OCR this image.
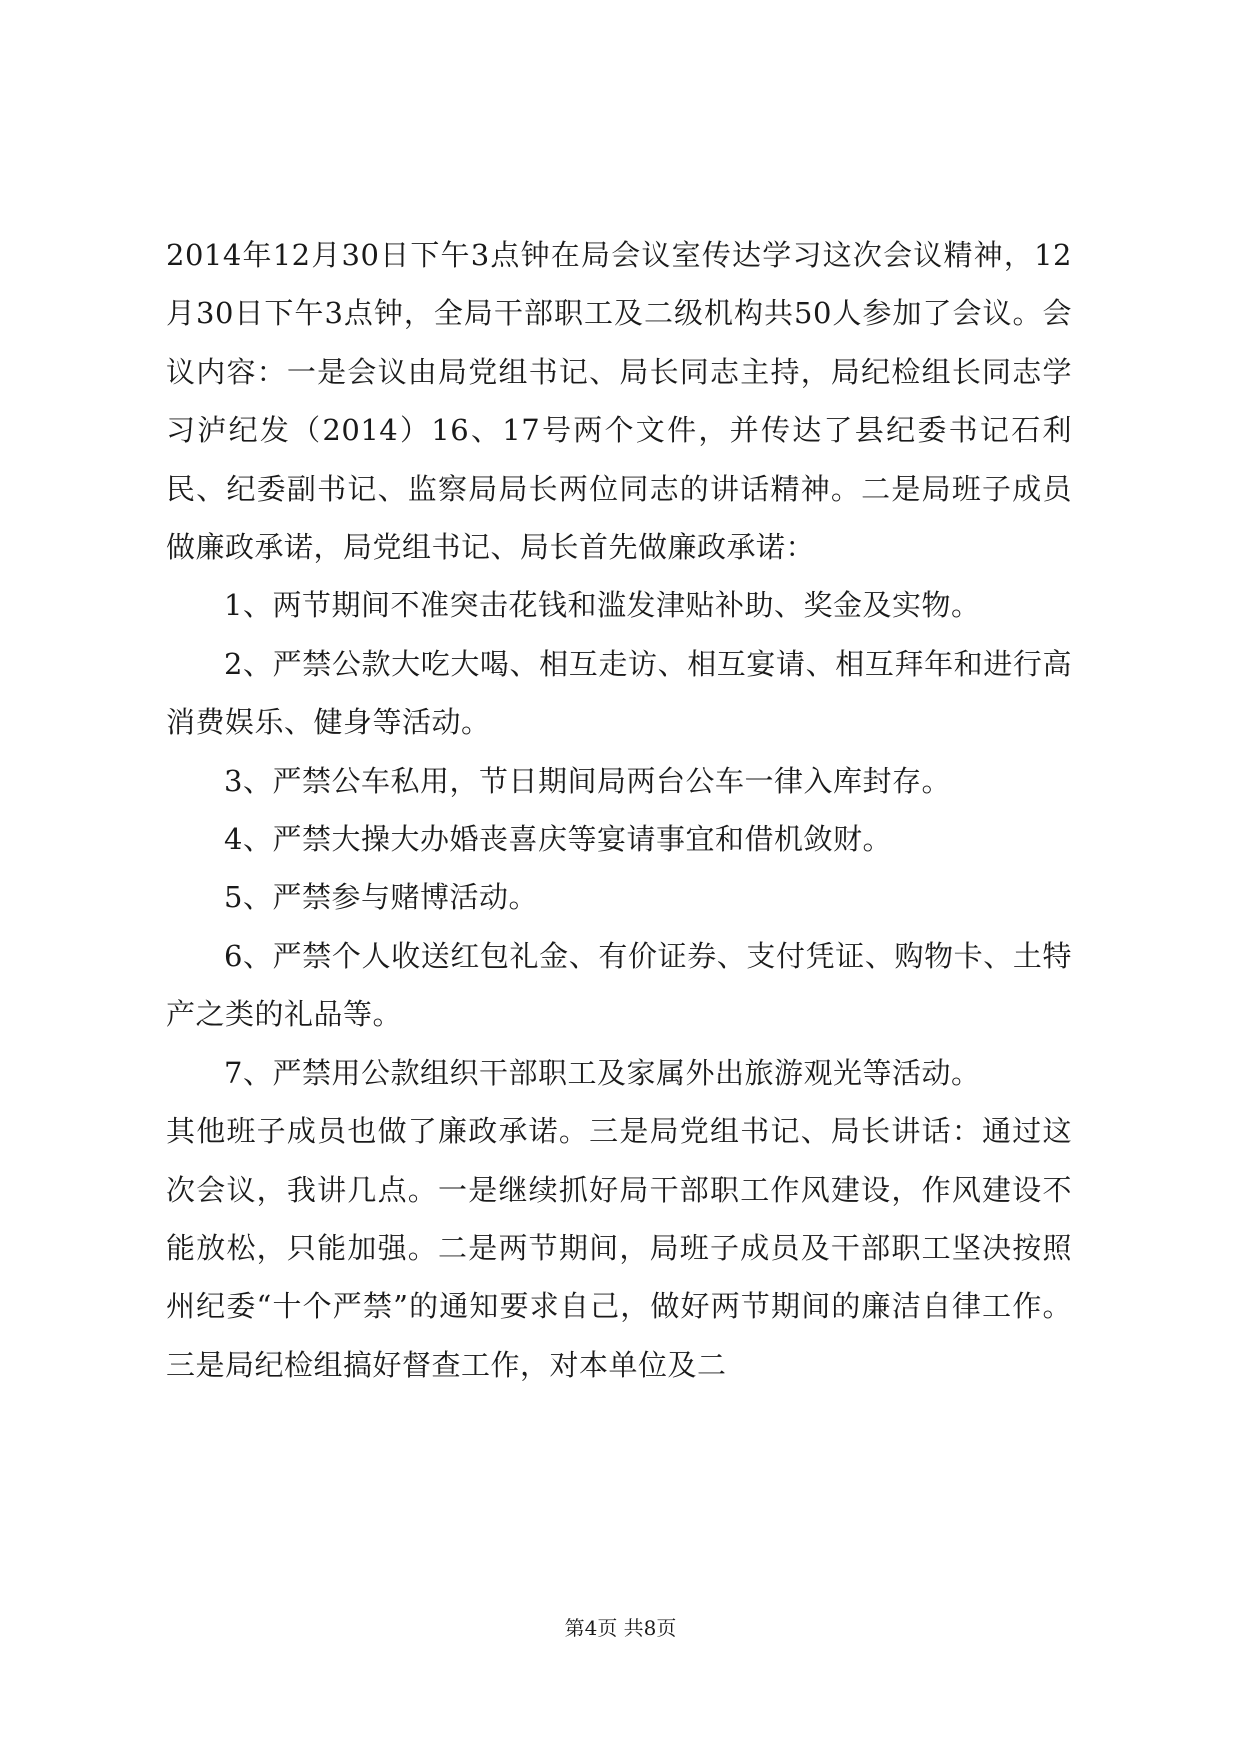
2014年12月30日下午3点钟在局会议室传达学习这次会议精神，12月30日下午3点钟，全局干部职工及二级机构共50人参加了会议。会议内容：一是会议由局党组书记、局长同志主持，局纪检组长同志学习泸纪发（2014）16、17号两个文件，并传达了县纪委书记石利民、纪委副书记、监察局局长两位同志的讲话精神。二是局班子成员做廉政承诺，局党组书记、局长首先做廉政承诺：

1、两节期间不准突击花钱和滥发津贴补助、奖金及实物。

2、严禁公款大吃大喝、相互走访、相互宴请、相互拜年和进行高消费娱乐、健身等活动。

3、严禁公车私用，节日期间局两台公车一律入库封存。

4、严禁大操大办婚丧喜庆等宴请事宜和借机敛财。

5、严禁参与赌博活动。

6、严禁个人收送红包礼金、有价证券、支付凭证、购物卡、土特产之类的礼品等。

7、严禁用公款组织干部职工及家属外出旅游观光等活动。

其他班子成员也做了廉政承诺。三是局党组书记、局长讲话：通过这次会议，我讲几点。一是继续抓好局干部职工作风建设，作风建设不能放松，只能加强。二是两节期间，局班子成员及干部职工坚决按照州纪委“十个严禁”的通知要求自己，做好两节期间的廉洁自律工作。三是局纪检组搞好督查工作，对本单位及二

第4页 共8页
